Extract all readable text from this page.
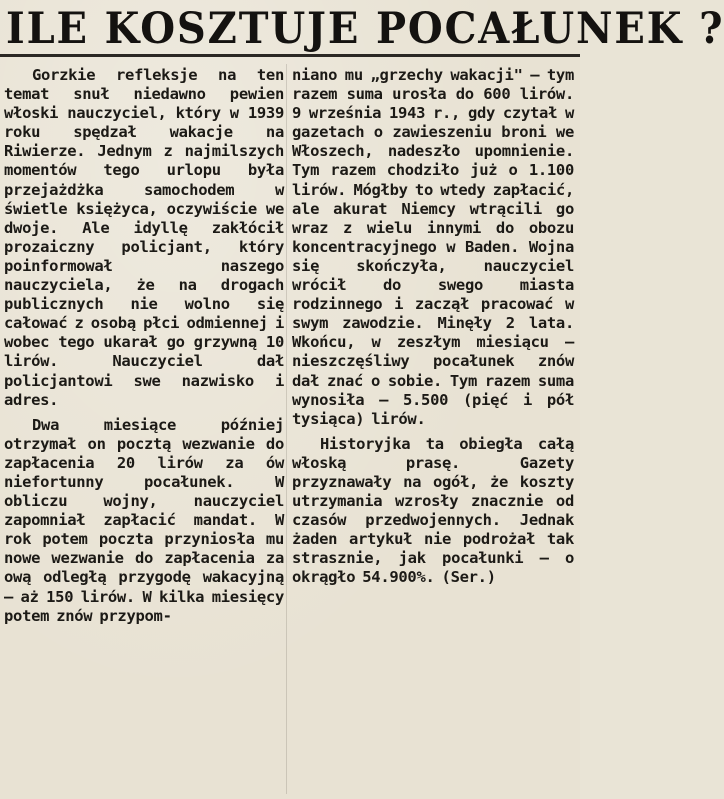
ILE KOSZTUJE POCAŁUNEK ?

Gorzkie refleksje na ten temat snuł niedawno pewien włoski nauczyciel, który w 1939 roku spędzał wakacje na Riwierze. Jednym z najmilszych momentów tego urlopu była przejażdżka samochodem w świetle księżyca, oczywiście we dwoje. Ale idyllę zakłócił prozaiczny policjant, który poinformował naszego nauczyciela, że na drogach publicznych nie wolno się całować z osobą płci odmiennej i wobec tego ukarał go grzywną 10 lirów. Nauczyciel dał policjantowi swe nazwisko i adres.

Dwa miesiące później otrzymał on pocztą wezwanie do zapłacenia 20 lirów za ów niefortunny pocałunek. W obliczu wojny, nauczyciel zapomniał zapłacić mandat. W rok potem poczta przyniosła mu nowe wezwanie do zapłacenia za ową odległą przygodę wakacyjną — aż 150 lirów. W kilka miesięcy potem znów przypom-

niano mu „grzechy wakacji" — tym razem suma urosła do 600 lirów. 9 września 1943 r., gdy czytał w gazetach o zawieszeniu broni we Włoszech, nadeszło upomnienie. Tym razem chodziło już o 1.100 lirów. Mógłby to wtedy zapłacić, ale akurat Niemcy wtrącili go wraz z wielu innymi do obozu koncentracyjnego w Baden. Wojna się skończyła, nauczyciel wrócił do swego miasta rodzinnego i zaczął pracować w swym zawodzie. Minęły 2 lata. Wkońcu, w zeszłym miesiącu — nieszczęśliwy pocałunek znów dał znać o sobie. Tym razem suma wynosiła — 5.500 (pięć i pół tysiąca) lirów.

Historyjka ta obiegła całą włoską prasę. Gazety przyznawały na ogół, że koszty utrzymania wzrosły znacznie od czasów przedwojennych. Jednak żaden artykuł nie podrożał tak strasznie, jak pocałunki — o okrągło 54.900%. (Ser.)
